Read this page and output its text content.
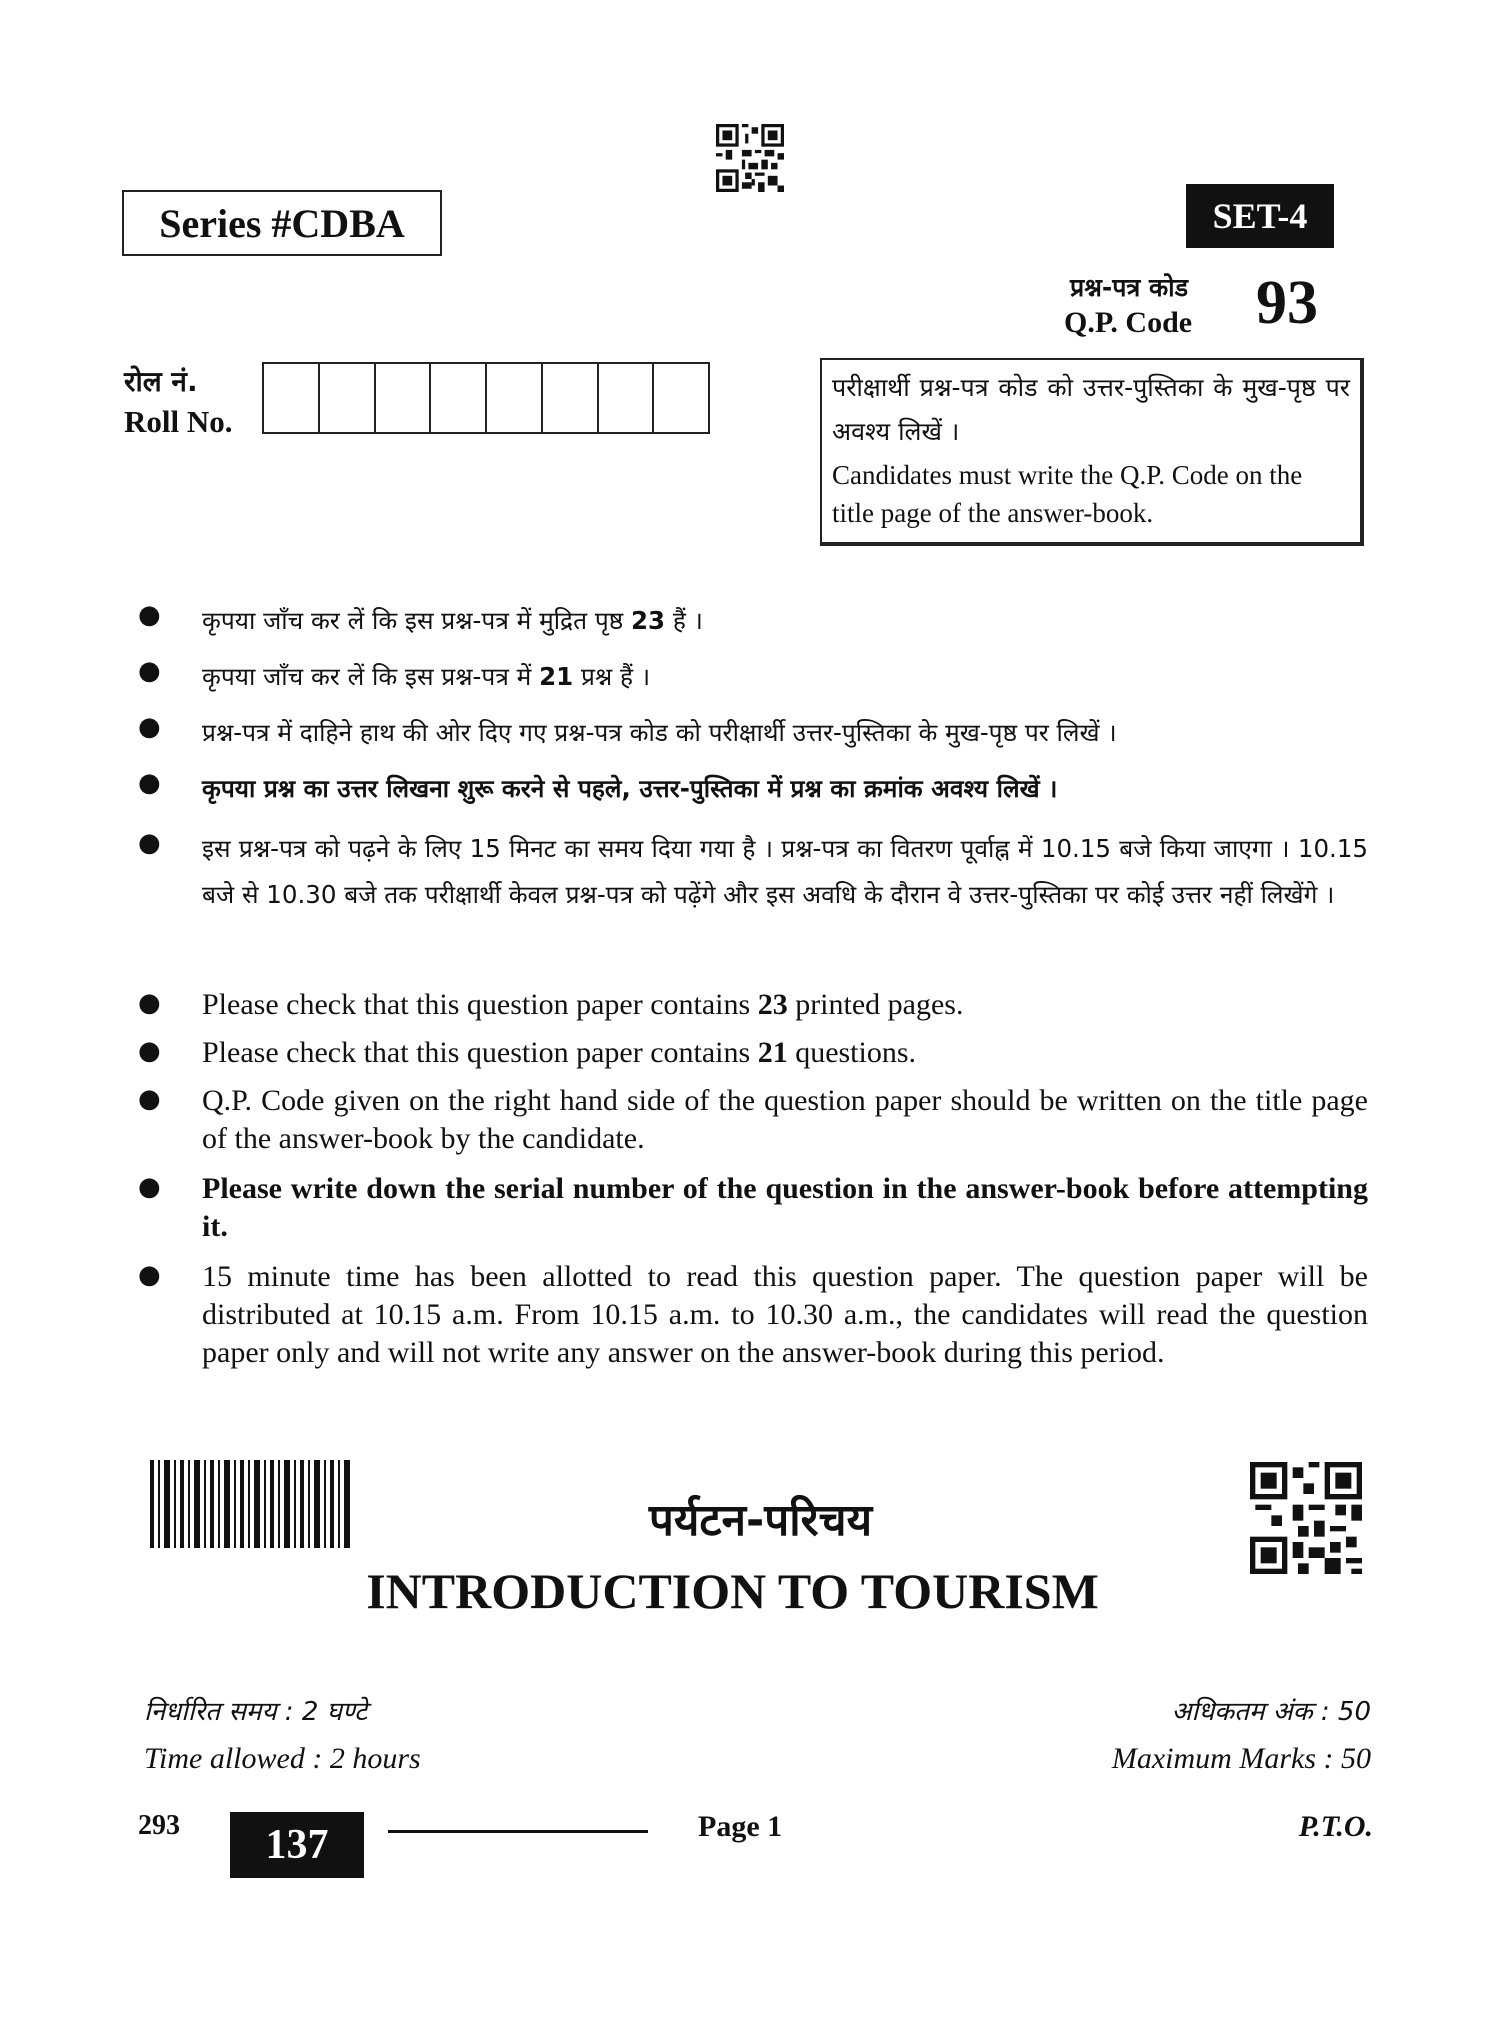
Series #CDBA	SET-4
प्रश्न-पत्र कोड
Q.P. Code 93
रोल नं.
Roll No.
परीक्षार्थी प्रश्न-पत्र कोड को उत्तर-पुस्तिका के मुख-पृष्ठ पर अवश्य लिखें ।
Candidates must write the Q.P. Code on the title page of the answer-book.
●	कृपया जाँच कर लें कि इस प्रश्न-पत्र में मुद्रित पृष्ठ 23 हैं ।
●	कृपया जाँच कर लें कि इस प्रश्न-पत्र में 21 प्रश्न हैं ।
●	प्रश्न-पत्र में दाहिने हाथ की ओर दिए गए प्रश्न-पत्र कोड को परीक्षार्थी उत्तर-पुस्तिका के मुख-पृष्ठ पर लिखें ।
●	कृपया प्रश्न का उत्तर लिखना शुरू करने से पहले, उत्तर-पुस्तिका में प्रश्न का क्रमांक अवश्य लिखें ।
●	इस प्रश्न-पत्र को पढ़ने के लिए 15 मिनट का समय दिया गया है । प्रश्न-पत्र का वितरण पूर्वाह्न में 10.15 बजे किया जाएगा । 10.15 बजे से 10.30 बजे तक परीक्षार्थी केवल प्रश्न-पत्र को पढ़ेंगे और इस अवधि के दौरान वे उत्तर-पुस्तिका पर कोई उत्तर नहीं लिखेंगे ।
●	Please check that this question paper contains 23 printed pages.
●	Please check that this question paper contains 21 questions.
●	Q.P. Code given on the right hand side of the question paper should be written on the title page of the answer-book by the candidate.
●	Please write down the serial number of the question in the answer-book before attempting it.
●	15 minute time has been allotted to read this question paper. The question paper will be distributed at 10.15 a.m. From 10.15 a.m. to 10.30 a.m., the candidates will read the question paper only and will not write any answer on the answer-book during this period.
पर्यटन-परिचय
INTRODUCTION TO TOURISM
निर्धारित समय : 2 घण्टे
Time allowed : 2 hours
अधिकतम अंक : 50
Maximum Marks : 50
293	137	Page 1	P.T.O.
